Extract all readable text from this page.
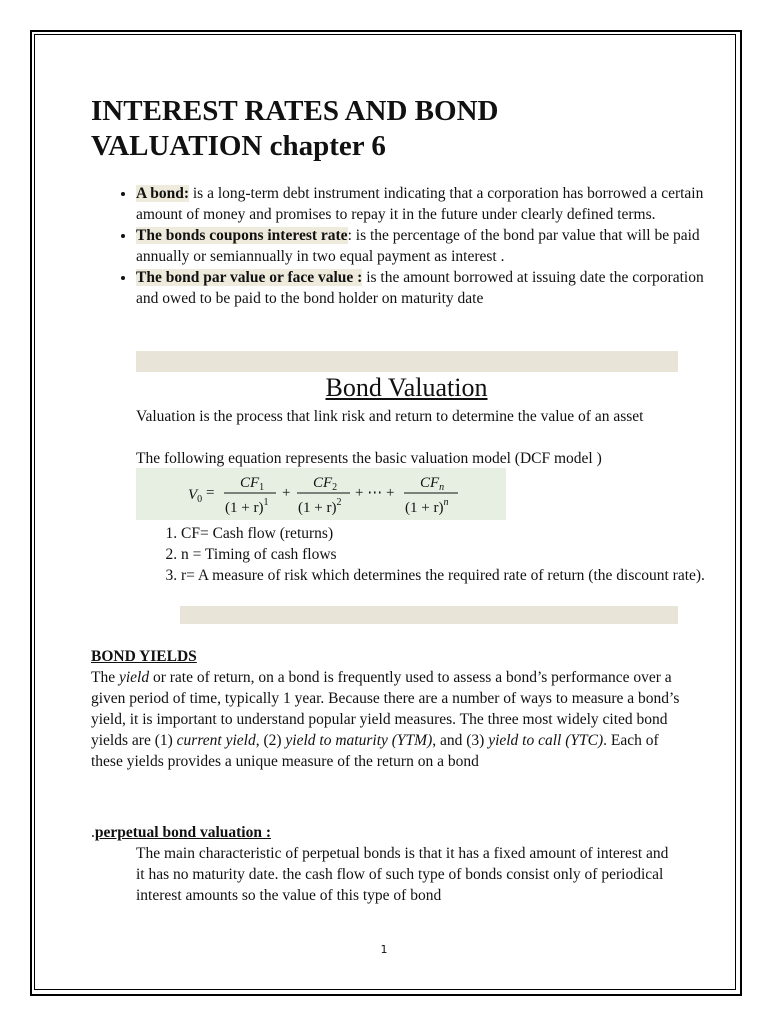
INTEREST RATES AND BOND
VALUATION chapter 6
• A bond: is a long-term debt instrument indicating that a corporation has borrowed a certain amount of money and promises to repay it in the future under clearly defined terms.
• The bonds coupons interest rate: is the percentage of the bond par value that will be paid annually or semiannually in two equal payment as interest .
• The bond par value or face value : is the amount borrowed at issuing date the corporation and owed to be paid to the bond holder on maturity date
Bond Valuation

Valuation is the process that link risk and return to determine the value of an asset

The following equation represents the basic valuation model (DCF model )

$V_0$ =
$CF_1$
$(1 + r)^1$
+
$CF_2$
$(1 + r)^2$
+ ⋯ +
$CF_n$
$(1 + r)^n$
1. CF= Cash flow (returns)
2. n = Timing of cash flows
3. r= A measure of risk which determines the required rate of return (the discount rate).

BOND YIELDS
The yield or rate of return, on a bond is frequently used to assess a bond’s performance over a given period of time, typically 1 year. Because there are a number of ways to measure a bond’s yield, it is important to understand popular yield measures. The three most widely cited bond yields are (1) current yield, (2) yield to maturity (YTM), and (3) yield to call (YTC). Each of these yields provides a unique measure of the return on a bond

.perpetual bond valuation :

The main characteristic of perpetual bonds is that it has a fixed amount of interest and it has no maturity date. the cash flow of such type of bonds consist only of periodical interest amounts so the value of this type of bond

1
